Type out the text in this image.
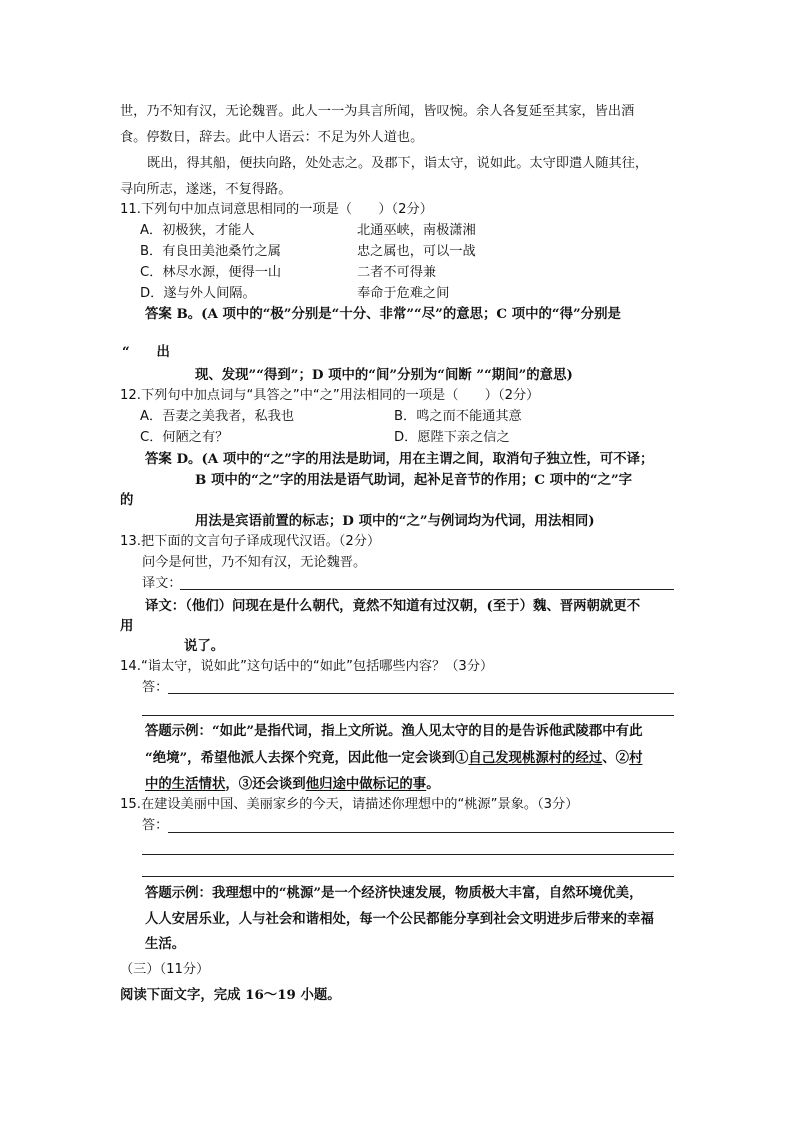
世，乃不知有汉，无论魏晋。此人一一为具言所闻，皆叹惋。余人各复延至其家，皆出酒
食。停数日，辞去。此中人语云：不足为外人道也。
既出，得其船，便扶向路，处处志之。及郡下，诣太守，说如此。太守即遣人随其往，
寻向所志，遂迷，不复得路。
11.下列句中加点词意思相同的一项是（　　）（2分）
A．初极狭，才能人	北通巫峡，南极潇湘
B．有良田美池桑竹之属	忠之属也，可以一战
C．林尽水源，便得一山	二者不可得兼
D．遂与外人间隔。	奉命于危难之间
答案 B。(A 项中的“极”分别是“十分、非常”“尽”的意思；C 项中的“得”分别是
“　　出
现、发现”“得到”；D 项中的“间”分别为“间断 ”“期间”的意思)
12.下列句中加点词与“具答之”中“之”用法相同的一项是（　　）（2分）
A．吾妻之美我者，私我也	B．鸣之而不能通其意
C．何陋之有？	D．愿陛下亲之信之
答案 D。(A 项中的“之”字的用法是助词，用在主谓之间，取消句子独立性，可不译；
B 项中的“之”字的用法是语气助词，起补足音节的作用；C 项中的“之”字
的
用法是宾语前置的标志；D 项中的“之”与例词均为代词，用法相同)
13.把下面的文言句子译成现代汉语。（2分）
问今是何世，乃不知有汉，无论魏晋。
译文：
译文：（他们）问现在是什么朝代，竟然不知道有过汉朝，(至于）魏、晋两朝就更不
用
说了。
14.“诣太守，说如此”这句话中的“如此”包括哪些内容？（3分）
答：
答题示例：“如此”是指代词，指上文所说。渔人见太守的目的是告诉他武陵郡中有此
“绝境”，希望他派人去探个究竟，因此他一定会谈到①自己发现桃源村的经过、②村
中的生活情状，③还会谈到他归途中做标记的事。
15.在建设美丽中国、美丽家乡的今天，请描述你理想中的“桃源”景象。（3分）
答：
答题示例：我理想中的“桃源”是一个经济快速发展，物质极大丰富，自然环境优美，
人人安居乐业，人与社会和谐相处，每一个公民都能分享到社会文明进步后带来的幸福
生活。
（三）（11分）
阅读下面文字，完成 16～19 小题。
